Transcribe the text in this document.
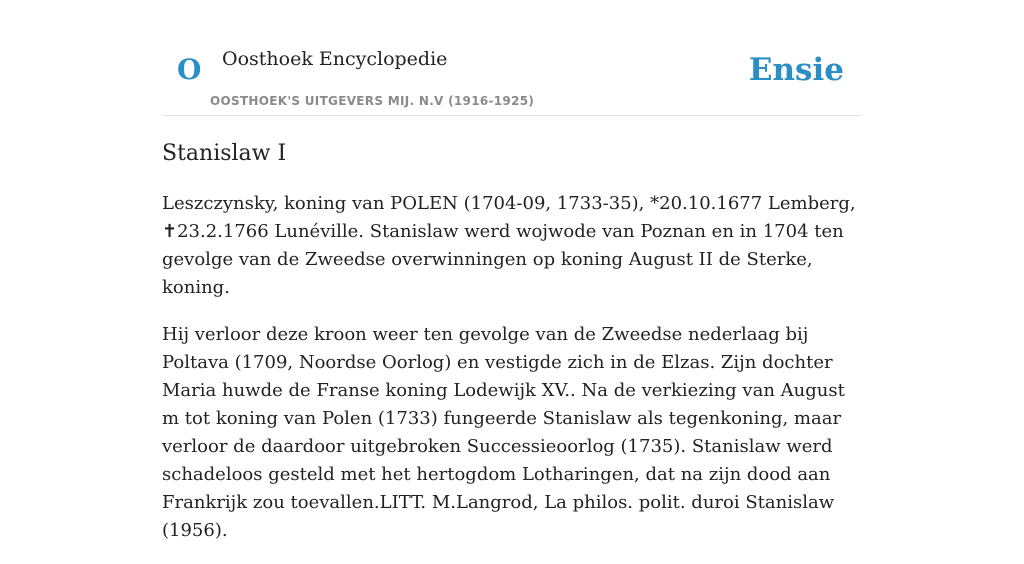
O Oosthoek Encyclopedie
OOSTHOEK'S UITGEVERS MIJ. N.V (1916-1925)
Ensie
Stanislaw I

Leszczynsky, koning van POLEN (1704-09, 1733-35), *20.10.1677 Lemberg, ✝23.2.1766 Lunéville. Stanislaw werd wojwode van Poznan en in 1704 ten gevolge van de Zweedse overwinningen op koning August II de Sterke, koning.

Hij verloor deze kroon weer ten gevolge van de Zweedse nederlaag bij Poltava (1709, Noordse Oorlog) en vestigde zich in de Elzas. Zijn dochter Maria huwde de Franse koning Lodewijk XV.. Na de verkiezing van August m tot koning van Polen (1733) fungeerde Stanislaw als tegenkoning, maar verloor de daardoor uitgebroken Successieoorlog (1735). Stanislaw werd schadeloos gesteld met het hertogdom Lotharingen, dat na zijn dood aan Frankrijk zou toevallen.LITT. M.Langrod, La philos. polit. duroi Stanislaw (1956).
